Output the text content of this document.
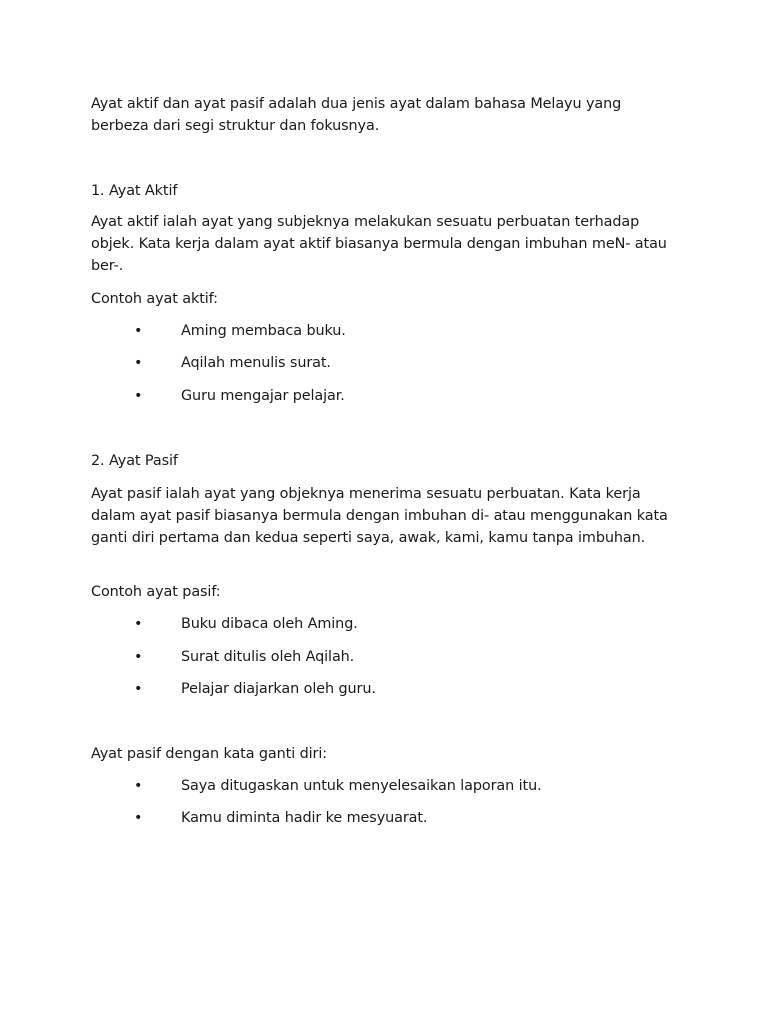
Ayat aktif dan ayat pasif adalah dua jenis ayat dalam bahasa Melayu yang berbeza dari segi struktur dan fokusnya.

1. Ayat Aktif

Ayat aktif ialah ayat yang subjeknya melakukan sesuatu perbuatan terhadap objek. Kata kerja dalam ayat aktif biasanya bermula dengan imbuhan meN- atau ber-.

Contoh ayat aktif:

•	Aming membaca buku.
•	Aqilah menulis surat.
•	Guru mengajar pelajar.
2. Ayat Pasif

Ayat pasif ialah ayat yang objeknya menerima sesuatu perbuatan. Kata kerja dalam ayat pasif biasanya bermula dengan imbuhan di- atau menggunakan kata ganti diri pertama dan kedua seperti saya, awak, kami, kamu tanpa imbuhan.

Contoh ayat pasif:

•	Buku dibaca oleh Aming.
•	Surat ditulis oleh Aqilah.
•	Pelajar diajarkan oleh guru.

Ayat pasif dengan kata ganti diri:

•	Saya ditugaskan untuk menyelesaikan laporan itu.
•	Kamu diminta hadir ke mesyuarat.
